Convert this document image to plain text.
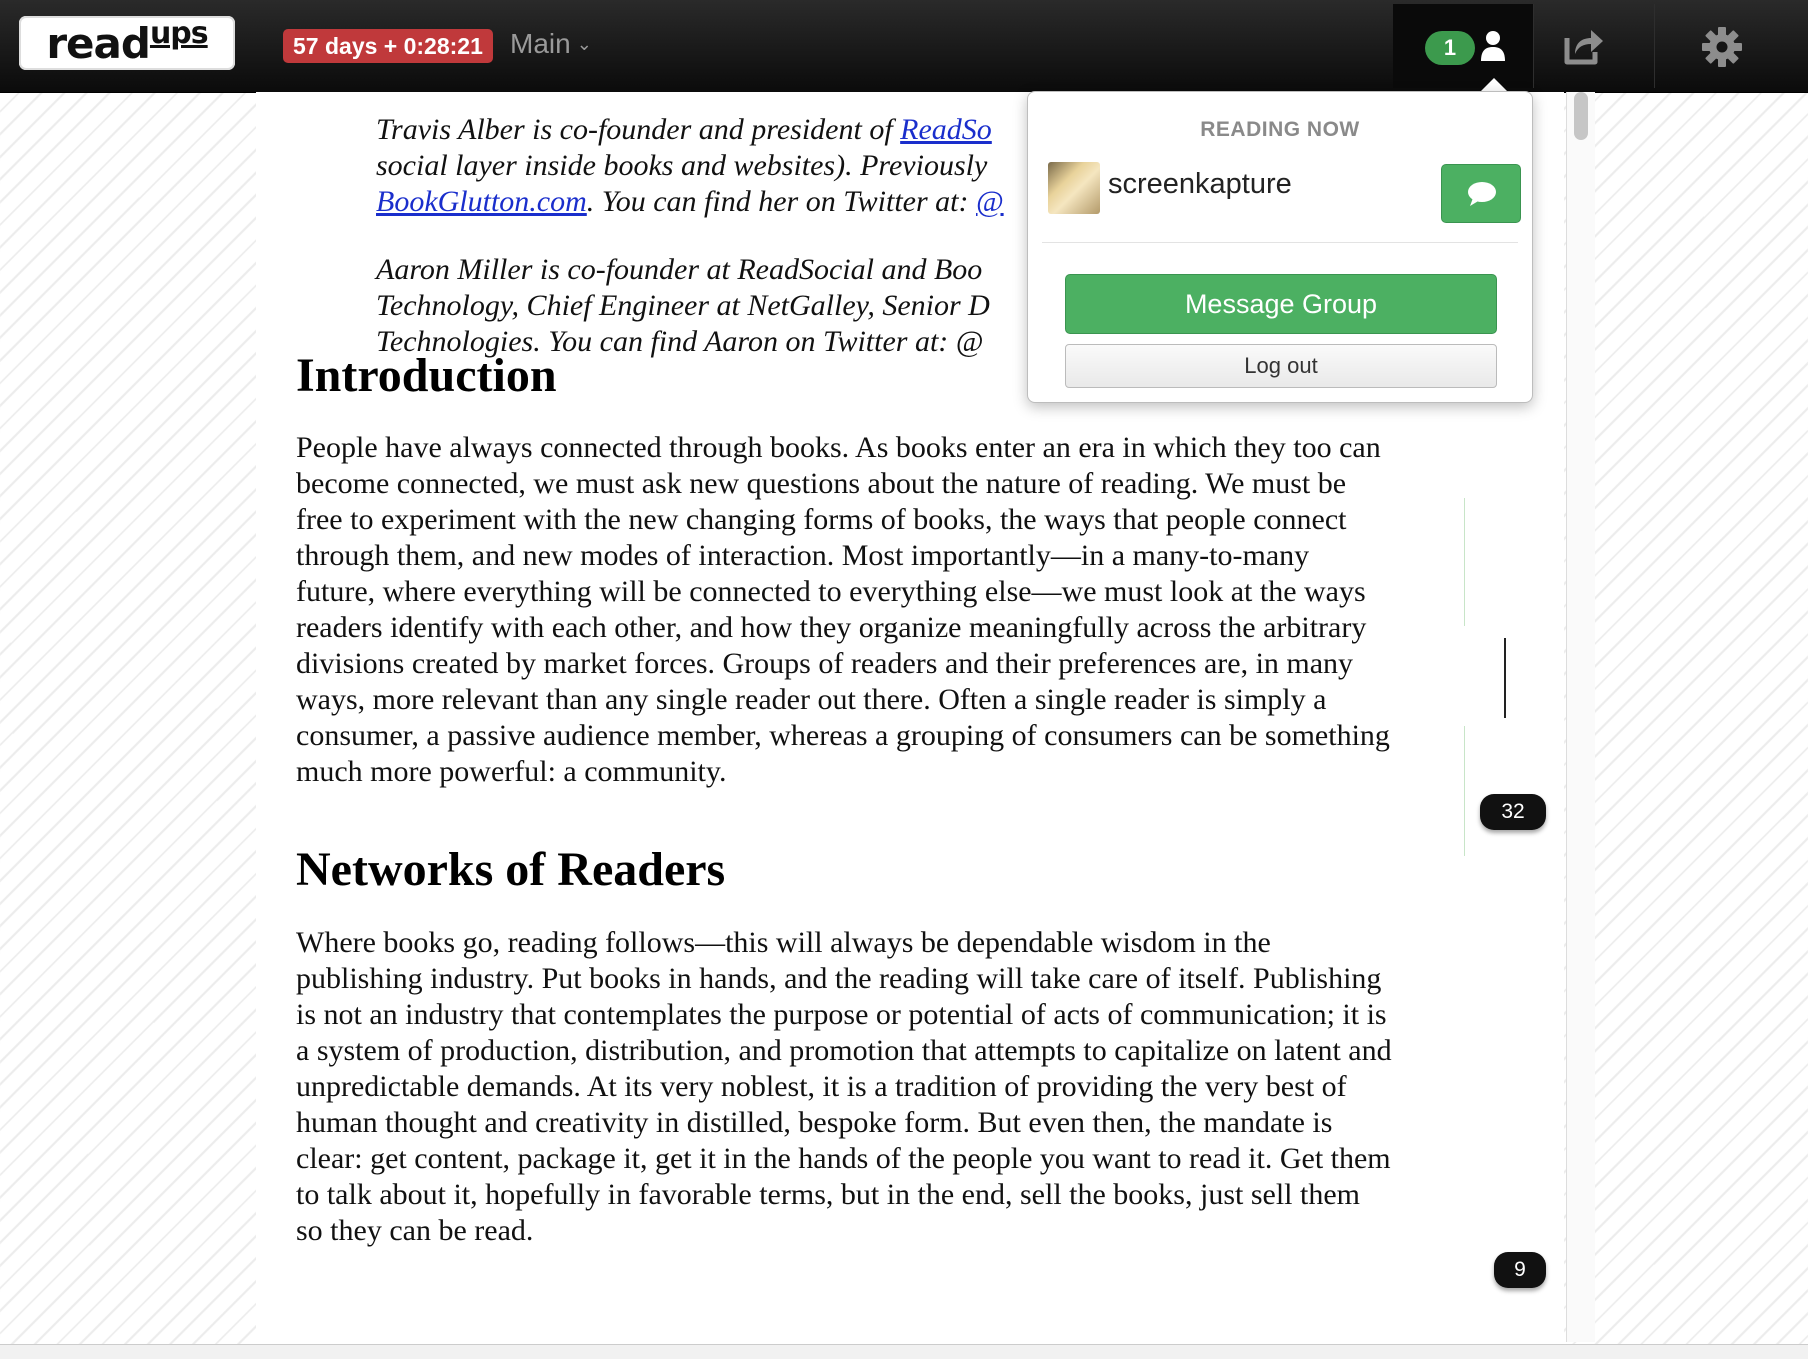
read ups	57 days + 0:28:21 Main ⌄	1
Travis Alber is co-founder and president of ReadSo
social layer inside books and websites). Previously
BookGlutton.com. You can find her on Twitter at: @
Aaron Miller is co-founder at ReadSocial and Boo
Technology, Chief Engineer at NetGalley, Senior D
Technologies. You can find Aaron on Twitter at: @
Introduction
People have always connected through books. As books enter an era in which they too can
become connected, we must ask new questions about the nature of reading. We must be
free to experiment with the new changing forms of books, the ways that people connect
through them, and new modes of interaction. Most importantly—in a many-to-many
future, where everything will be connected to everything else—we must look at the ways
readers identify with each other, and how they organize meaningfully across the arbitrary
divisions created by market forces. Groups of readers and their preferences are, in many
ways, more relevant than any single reader out there. Often a single reader is simply a
consumer, a passive audience member, whereas a grouping of consumers can be something
much more powerful: a community.
Networks of Readers
Where books go, reading follows—this will always be dependable wisdom in the
publishing industry. Put books in hands, and the reading will take care of itself. Publishing
is not an industry that contemplates the purpose or potential of acts of communication; it is
a system of production, distribution, and promotion that attempts to capitalize on latent and
unpredictable demands. At its very noblest, it is a tradition of providing the very best of
human thought and creativity in distilled, bespoke form. But even then, the mandate is
clear: get content, package it, get it in the hands of the people you want to read it. Get them
to talk about it, hopefully in favorable terms, but in the end, sell the books, just sell them
so they can be read.
32
9
READING NOW
screenkapture
Message Group
Log out
